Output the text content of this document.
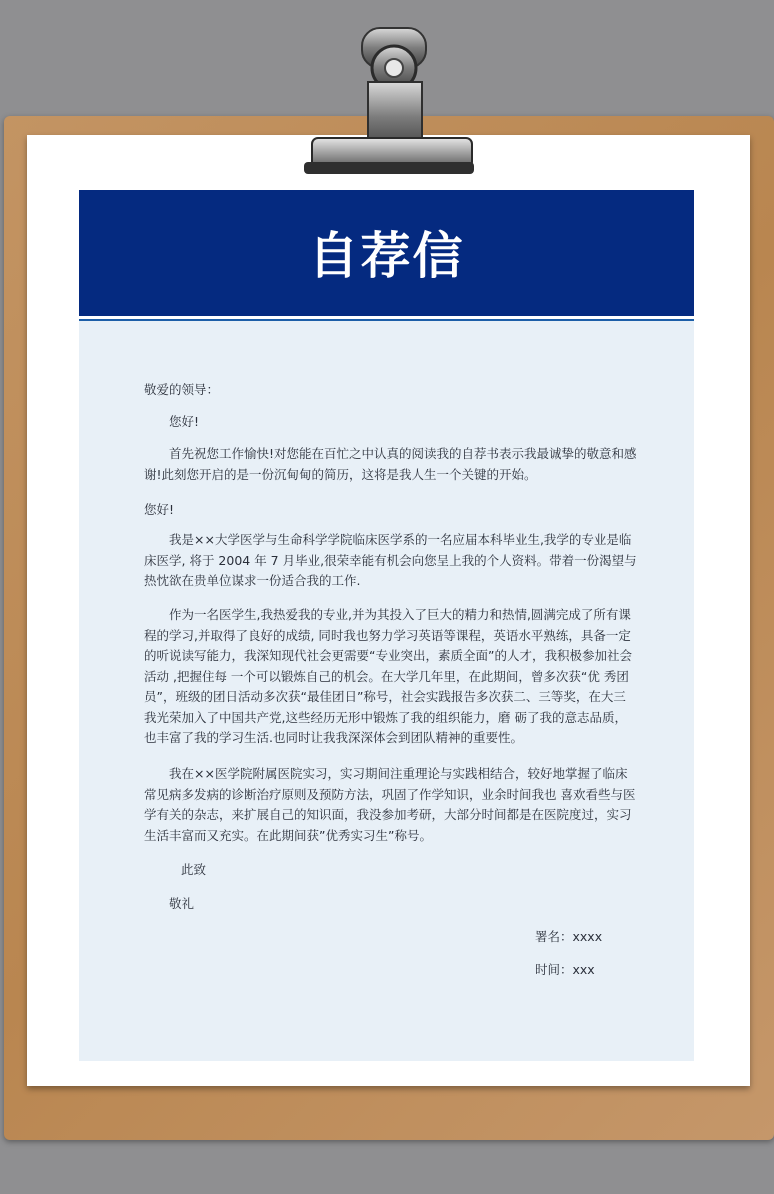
自荐信
敬爱的领导：
您好!

首先祝您工作愉快!对您能在百忙之中认真的阅读我的自荐书表示我最诚挚的敬意和感谢!此刻您开启的是一份沉甸甸的简历，这将是我人生一个关键的开始。

您好!

我是××大学医学与生命科学学院临床医学系的一名应届本科毕业生,我学的专业是临床医学, 将于 2004 年 7 月毕业,很荣幸能有机会向您呈上我的个人资料。带着一份渴望与热忱欲在贵单位谋求一份适合我的工作.

作为一名医学生,我热爱我的专业,并为其投入了巨大的精力和热情,圆满完成了所有课程的学习,并取得了良好的成绩, 同时我也努力学习英语等课程，英语水平熟练，具备一定的听说读写能力，我深知现代社会更需要“专业突出，素质全面”的人才，我积极参加社会活动 ,把握住每 一个可以锻炼自己的机会。在大学几年里，在此期间，曾多次获“优 秀团员”，班级的团日活动多次获“最佳团日”称号，社会实践报告多次获二、三等奖，在大三我光荣加入了中国共产党,这些经历无形中锻炼了我的组织能力，磨 砺了我的意志品质，也丰富了我的学习生活.也同时让我我深深体会到团队精神的重要性。

我在××医学院附属医院实习，实习期间注重理论与实践相结合，较好地掌握了临床常见病多发病的诊断治疗原则及预防方法，巩固了作学知识，业余时间我也 喜欢看些与医学有关的杂志，来扩展自己的知识面，我没参加考研，大部分时间都是在医院度过，实习生活丰富而又充实。在此期间获”优秀实习生”称号。

此致
敬礼
署名：xxxx
时间：xxx
